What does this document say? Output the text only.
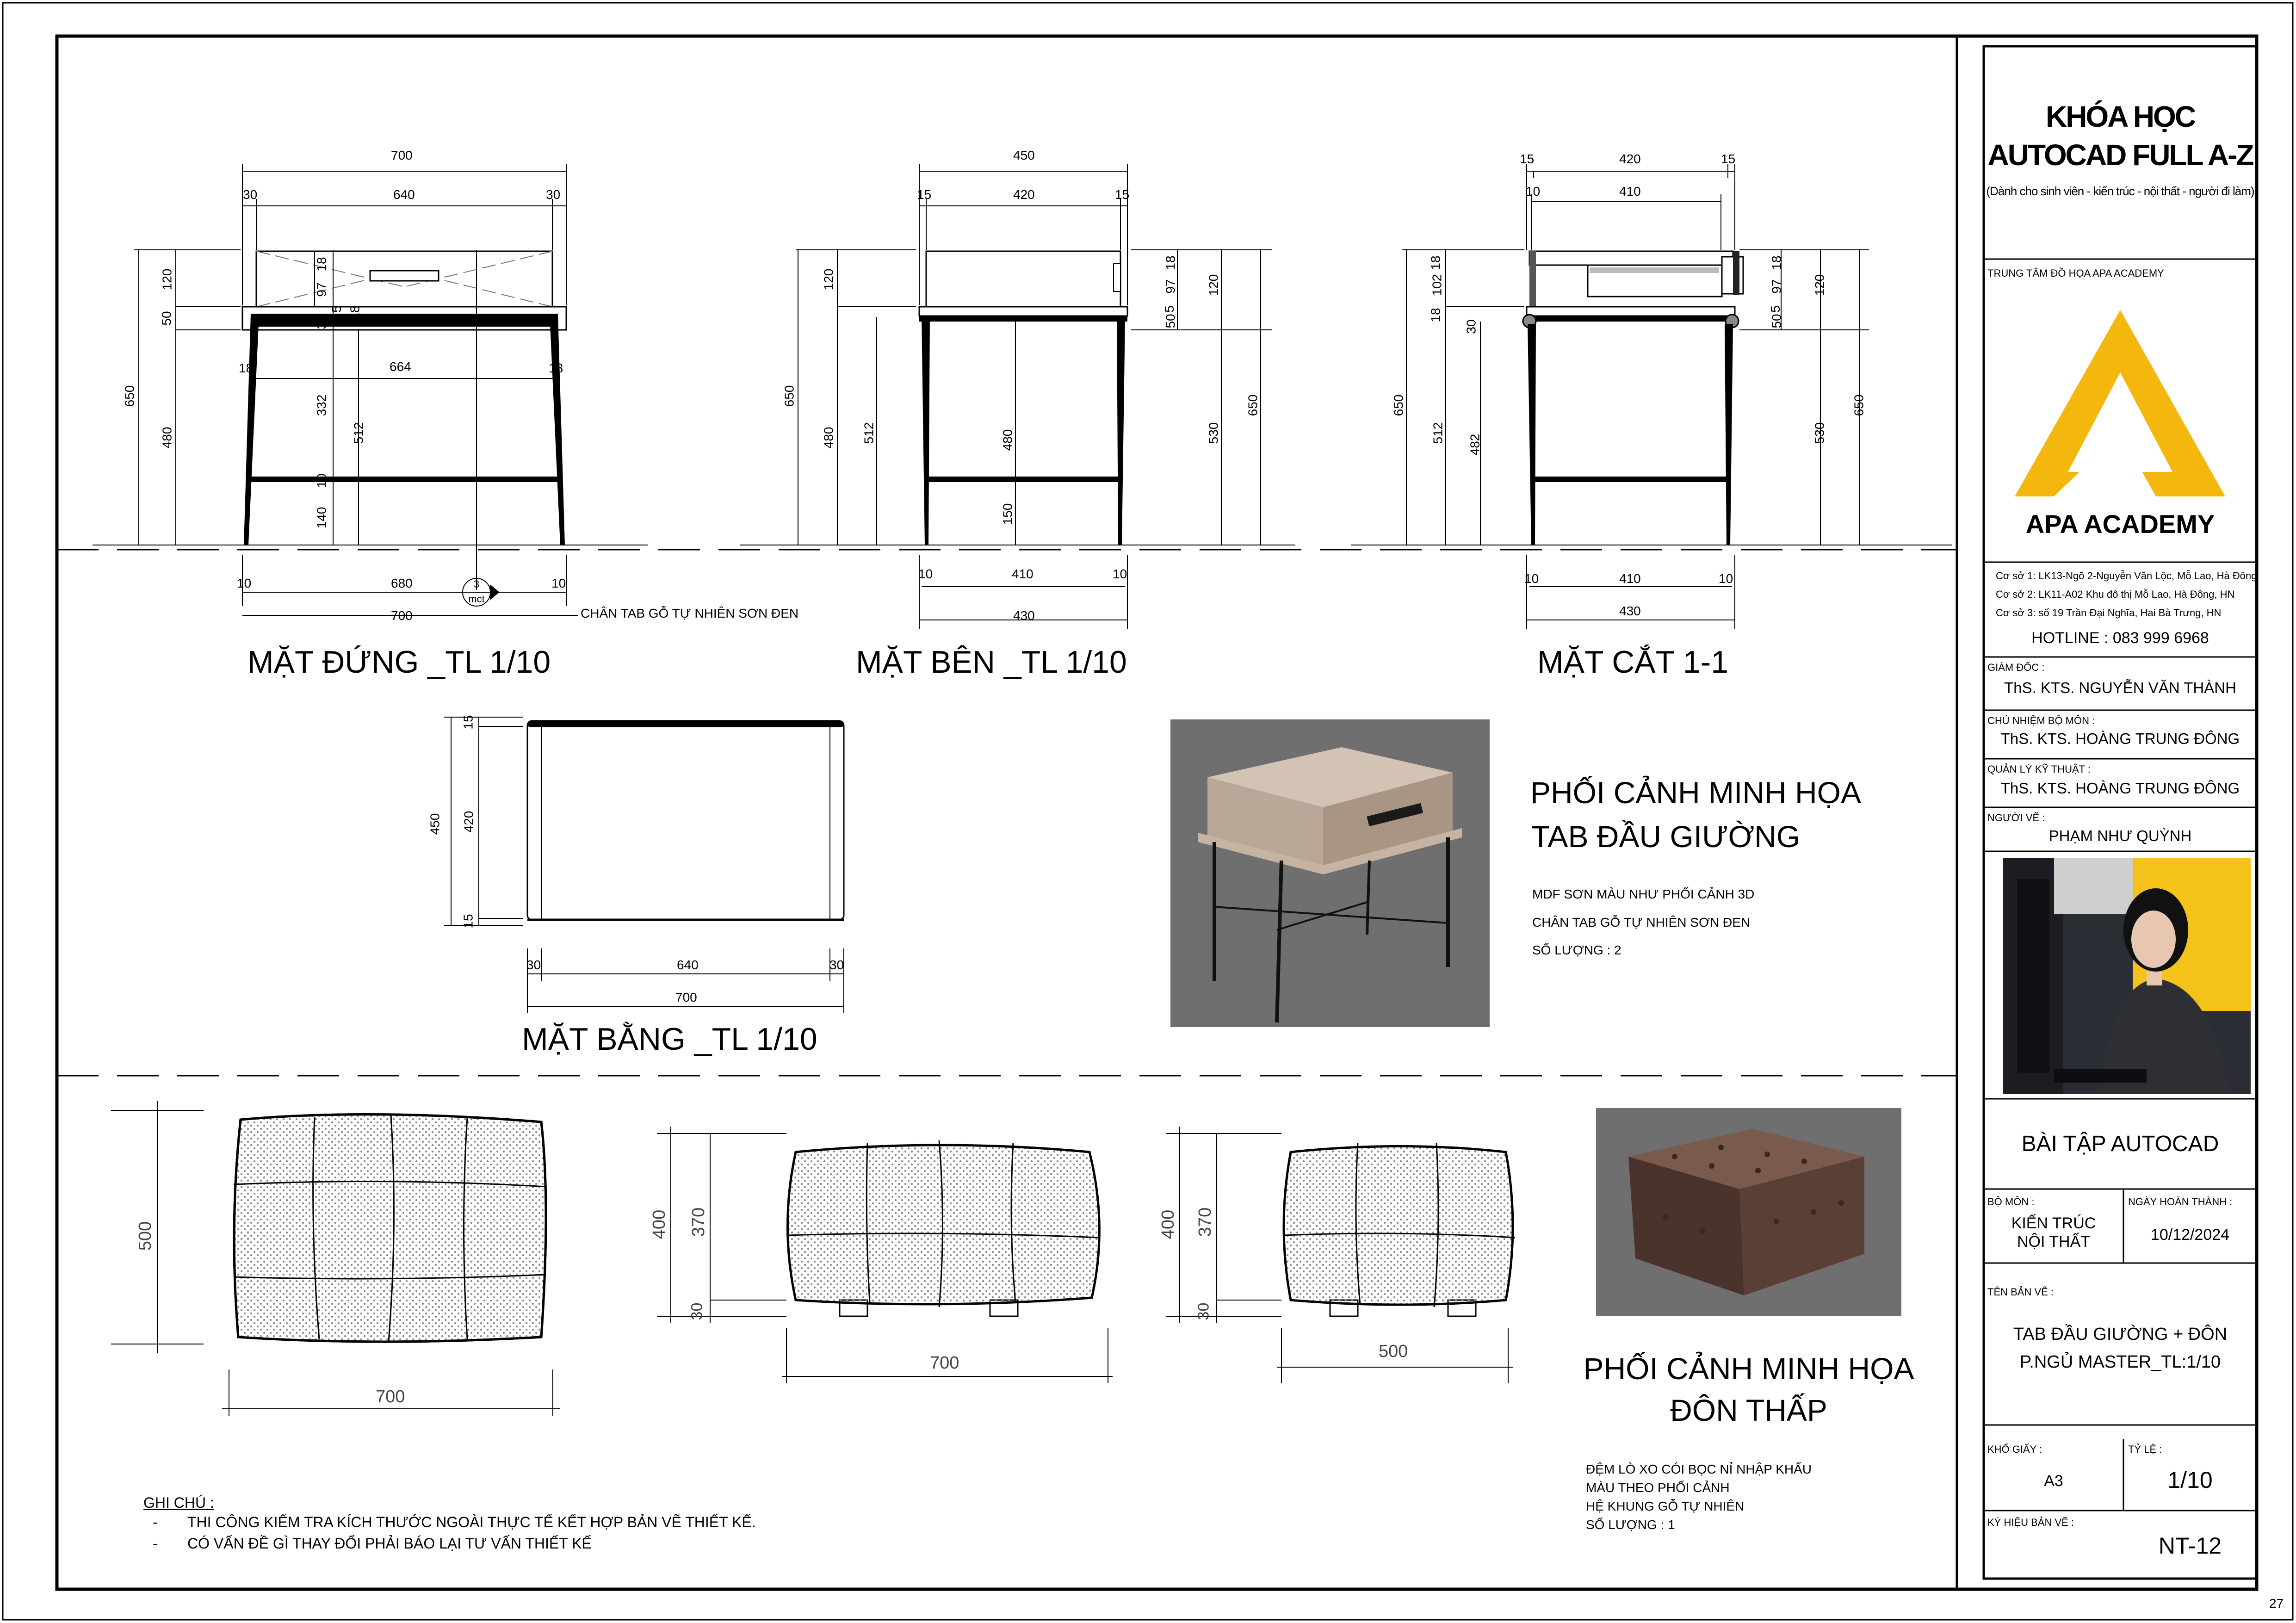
27
KHÓA HỌC
AUTOCAD FULL A-Z
(Dành cho sinh viên - kiến trúc - nội thất - người đi làm)
TRUNG TÂM ĐỒ HỌA APA ACADEMY
APA ACADEMY
Cơ sở 1: LK13-Ngõ 2-Nguyễn Văn Lộc, Mỗ Lao, Hà Đông
Cơ sở 2: LK11-A02 Khu đô thị Mỗ Lao, Hà Đông, HN
Cơ sở 3: số 19 Trần Đại Nghĩa, Hai Bà Trưng, HN
HOTLINE : 083 999 6968
GIÁM ĐỐC :
ThS. KTS. NGUYỄN VĂN THÀNH
CHỦ NHIỆM BỘ MÔN :
ThS. KTS. HOÀNG TRUNG ĐÔNG
QUẢN LÝ KỸ THUẬT :
ThS. KTS. HOÀNG TRUNG ĐÔNG
NGƯỜI VẼ :
PHẠM NHƯ QUỲNH
BÀI TẬP AUTOCAD
BỘ MÔN :
KIẾN TRÚC
NỘI THẤT
NGÀY HOÀN THÀNH :
10/12/2024
TÊN BẢN VẼ :
TAB ĐẦU GIƯỜNG + ĐÔN
P.NGỦ MASTER_TL:1/10
KHỔ GIẤY :
A3
TỶ LỆ :
1/10
KÝ HIỆU BẢN VẼ :
NT-12
MẶT ĐỨNG _TL 1/10	MẶT BÊN _TL 1/10	MẶT CẮT 1-1
MẶT BẰNG _TL 1/10
CHÂN TAB GỖ TỰ NHIÊN SƠN ĐEN
3
mct
700
30	640	30
650
120
50
480
97
18
30
5 18
18	18
664
332
512
10
140
10	680	10
700
450
15	420	15
650
120
480 512
18
97
5
50
120
530
650
480
150
10	410	10
430
15	420	15
10	410
650
512
18
102
18
30
482
18
97
5
50
120
530
650
10	410	10
430
450
15
420
15
30	640	30
700
PHỐI CẢNH MINH HỌA
TAB ĐẦU GIƯỜNG
MDF SƠN MÀU NHƯ PHỐI CẢNH 3D
CHÂN TAB GỖ TỰ NHIÊN SƠN ĐEN
SỐ LƯỢNG : 2
500
700
400 370
30
700
400 370
30
500	PHỐI CẢNH MINH HỌA
ĐÔN THẤP
ĐỆM LÒ XO CÓI BỌC NỈ NHẬP KHẨU
MÀU THEO PHỐI CẢNH
HỆ KHUNG GỖ TỰ NHIÊN
SỐ LƯỢNG : 1
GHI CHÚ :
- THI CÔNG KIỂM TRA KÍCH THƯỚC NGOÀI THỰC TẾ KẾT HỢP BẢN VẼ THIẾT KẾ.
- CÓ VẤN ĐỀ GÌ THAY ĐỔI PHẢI BÁO LẠI TƯ VẤN THIẾT KẾ
